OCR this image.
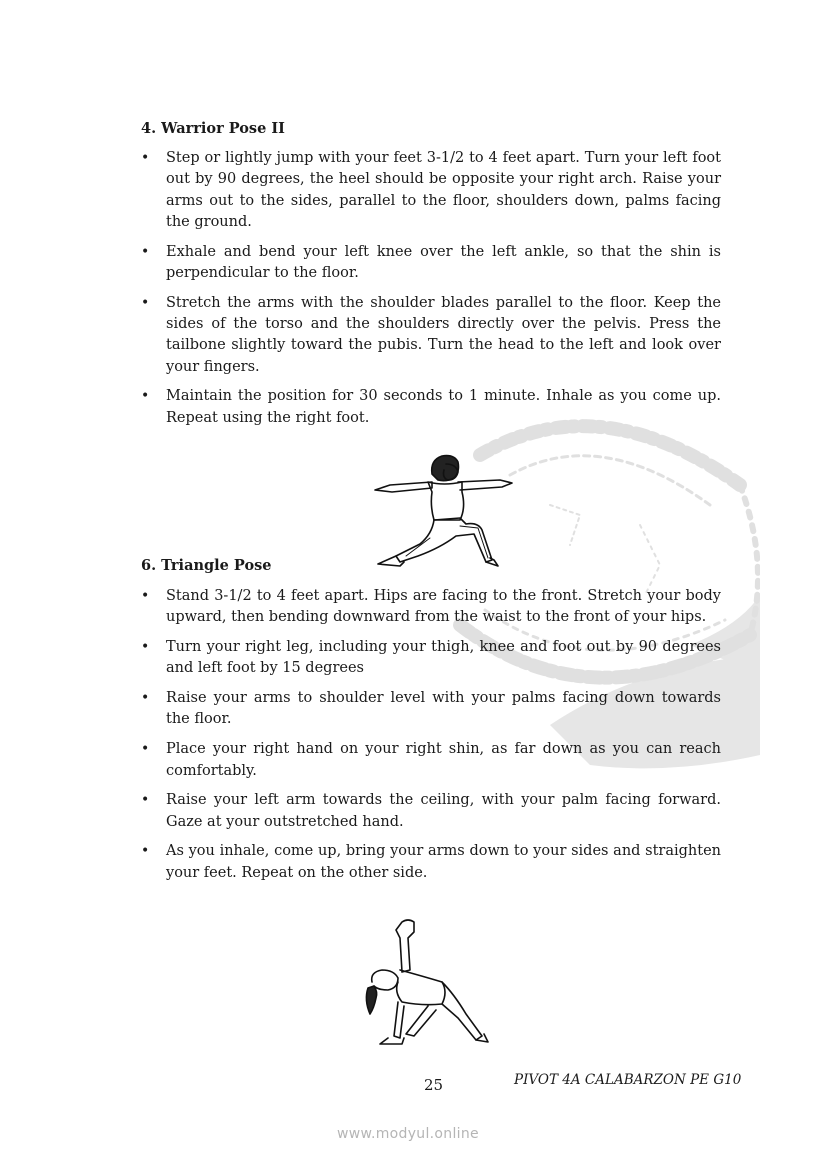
4. Warrior Pose II
• Step or lightly jump with your feet 3-1/2 to 4 feet apart. Turn your left foot out by 90 degrees, the heel should be opposite your right arch. Raise your arms out to the sides, parallel to the floor, shoulders down, palms facing the ground.
• Exhale and bend your left knee over the left ankle, so that the shin is perpendicular to the floor.
• Stretch the arms with the shoulder blades parallel to the floor. Keep the sides of the torso and the shoulders directly over the pelvis. Press the tailbone slightly toward the pubis. Turn the head to the left and look over your fingers.
• Maintain the position for 30 seconds to 1 minute. Inhale as you come up. Repeat using the right foot.
6. Triangle Pose
• Stand 3-1/2 to 4 feet apart. Hips are facing to the front. Stretch your body upward, then bending downward from the waist to the front of your hips.
• Turn your right leg, including your thigh, knee and foot out by 90 degrees and left foot by 15 degrees
• Raise your arms to shoulder level with your palms facing down towards the floor.
• Place your right hand on your right shin, as far down as you can reach comfortably.
• Raise your left arm towards the ceiling, with your palm facing forward. Gaze at your outstretched hand.
• As you inhale, come up, bring your arms down to your sides and straighten your feet. Repeat on the other side.
25	PIVOT 4A CALABARZON PE G10
www.modyul.online
